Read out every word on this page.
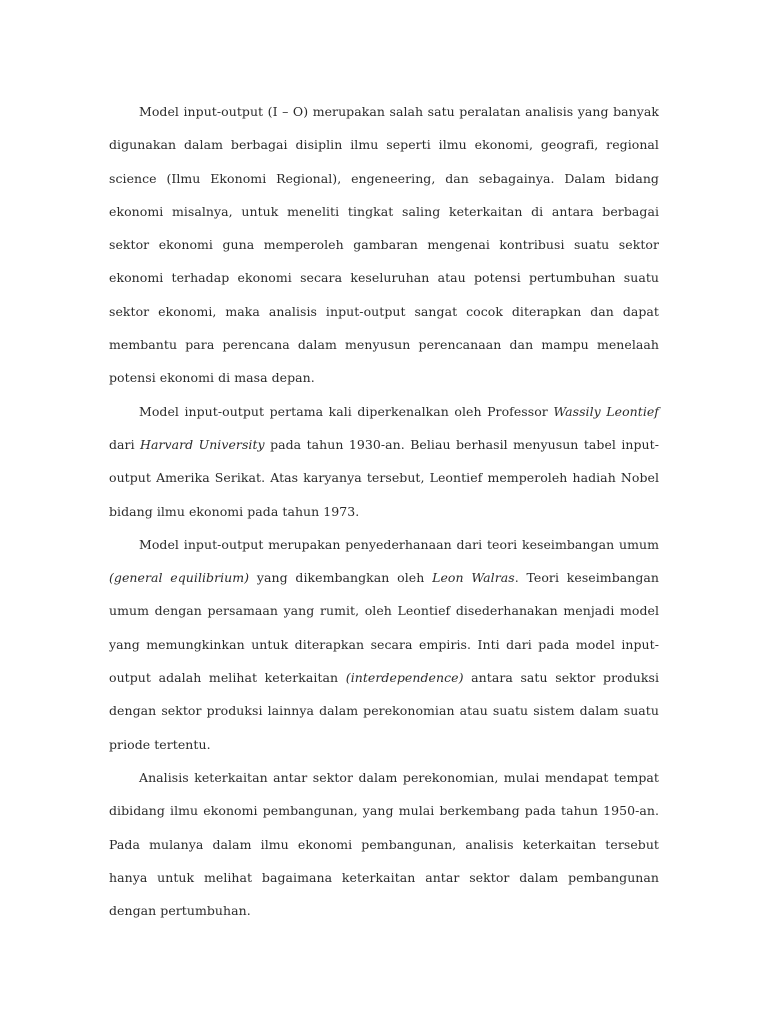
Model input-output (I – O) merupakan salah satu peralatan analisis yang banyak digunakan dalam berbagai disiplin ilmu seperti ilmu ekonomi, geografi, regional science (Ilmu Ekonomi Regional), engeneering, dan sebagainya. Dalam bidang ekonomi misalnya, untuk meneliti tingkat saling keterkaitan di antara berbagai sektor ekonomi guna memperoleh gambaran mengenai kontribusi suatu sektor ekonomi terhadap ekonomi secara keseluruhan atau potensi pertumbuhan suatu sektor ekonomi, maka analisis input-output sangat cocok diterapkan dan dapat membantu para perencana dalam menyusun perencanaan dan mampu menelaah potensi ekonomi di masa depan.

Model input-output pertama kali diperkenalkan oleh Professor Wassily Leontief dari Harvard University pada tahun 1930-an. Beliau berhasil menyusun tabel input-output Amerika Serikat. Atas karyanya tersebut, Leontief memperoleh hadiah Nobel bidang ilmu ekonomi pada tahun 1973.

Model input-output merupakan penyederhanaan dari teori keseimbangan umum (general equilibrium) yang dikembangkan oleh Leon Walras. Teori keseimbangan umum dengan persamaan yang rumit, oleh Leontief disederhanakan menjadi model yang memungkinkan untuk diterapkan secara empiris. Inti dari pada model input-output adalah melihat keterkaitan (interdependence) antara satu sektor produksi dengan sektor produksi lainnya dalam perekonomian atau suatu sistem dalam suatu priode tertentu.

Analisis keterkaitan antar sektor dalam perekonomian, mulai mendapat tempat dibidang ilmu ekonomi pembangunan, yang mulai berkembang pada tahun 1950-an. Pada mulanya dalam ilmu ekonomi pembangunan, analisis keterkaitan tersebut hanya untuk melihat bagaimana keterkaitan antar sektor dalam pembangunan dengan pertumbuhan.
